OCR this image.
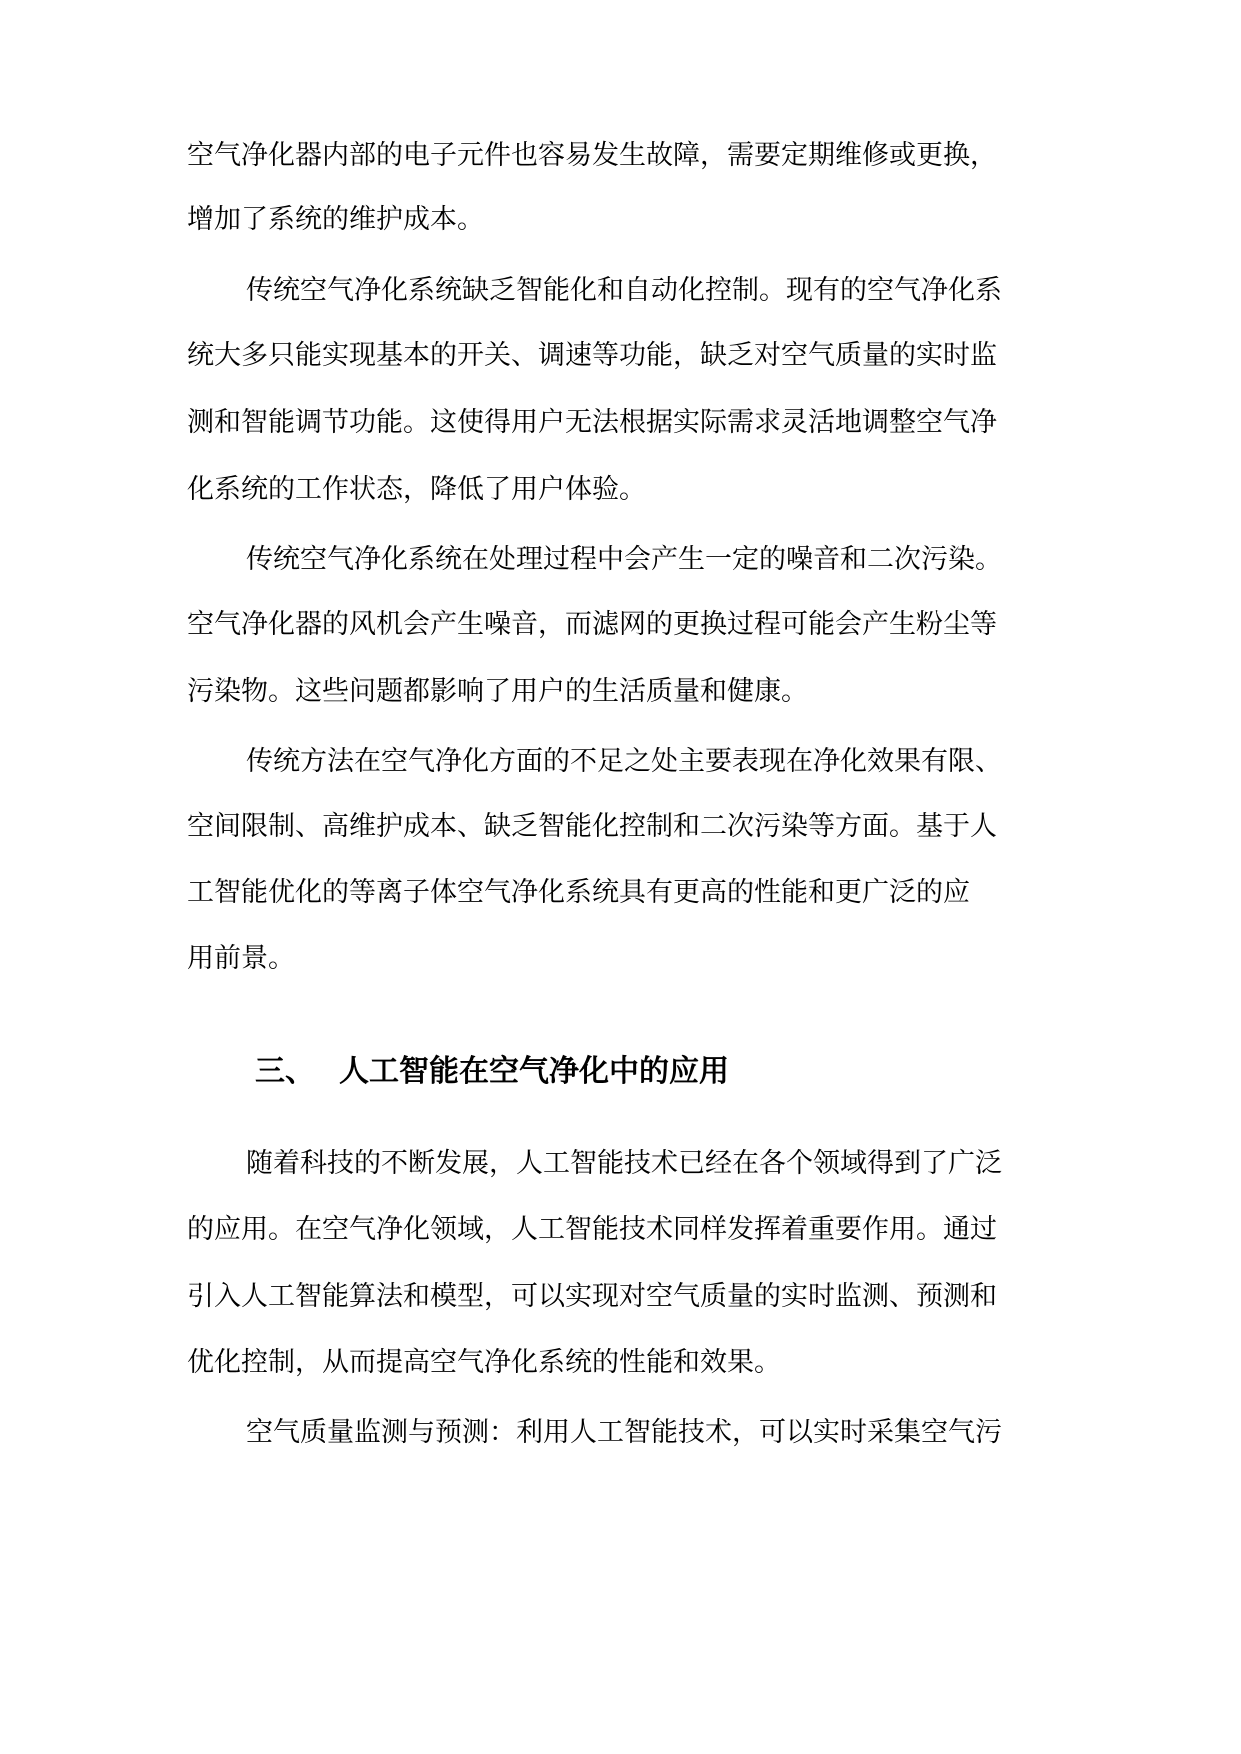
空气净化器内部的电子元件也容易发生故障，需要定期维修或更换，

增加了系统的维护成本。

传统空气净化系统缺乏智能化和自动化控制。现有的空气净化系

统大多只能实现基本的开关、调速等功能，缺乏对空气质量的实时监

测和智能调节功能。这使得用户无法根据实际需求灵活地调整空气净

化系统的工作状态，降低了用户体验。

传统空气净化系统在处理过程中会产生一定的噪音和二次污染。

空气净化器的风机会产生噪音，而滤网的更换过程可能会产生粉尘等

污染物。这些问题都影响了用户的生活质量和健康。

传统方法在空气净化方面的不足之处主要表现在净化效果有限、

空间限制、高维护成本、缺乏智能化控制和二次污染等方面。基于人

工智能优化的等离子体空气净化系统具有更高的性能和更广泛的应

用前景。

三、 人工智能在空气净化中的应用

随着科技的不断发展，人工智能技术已经在各个领域得到了广泛

的应用。在空气净化领域，人工智能技术同样发挥着重要作用。通过

引入人工智能算法和模型，可以实现对空气质量的实时监测、预测和

优化控制，从而提高空气净化系统的性能和效果。

空气质量监测与预测：利用人工智能技术，可以实时采集空气污
